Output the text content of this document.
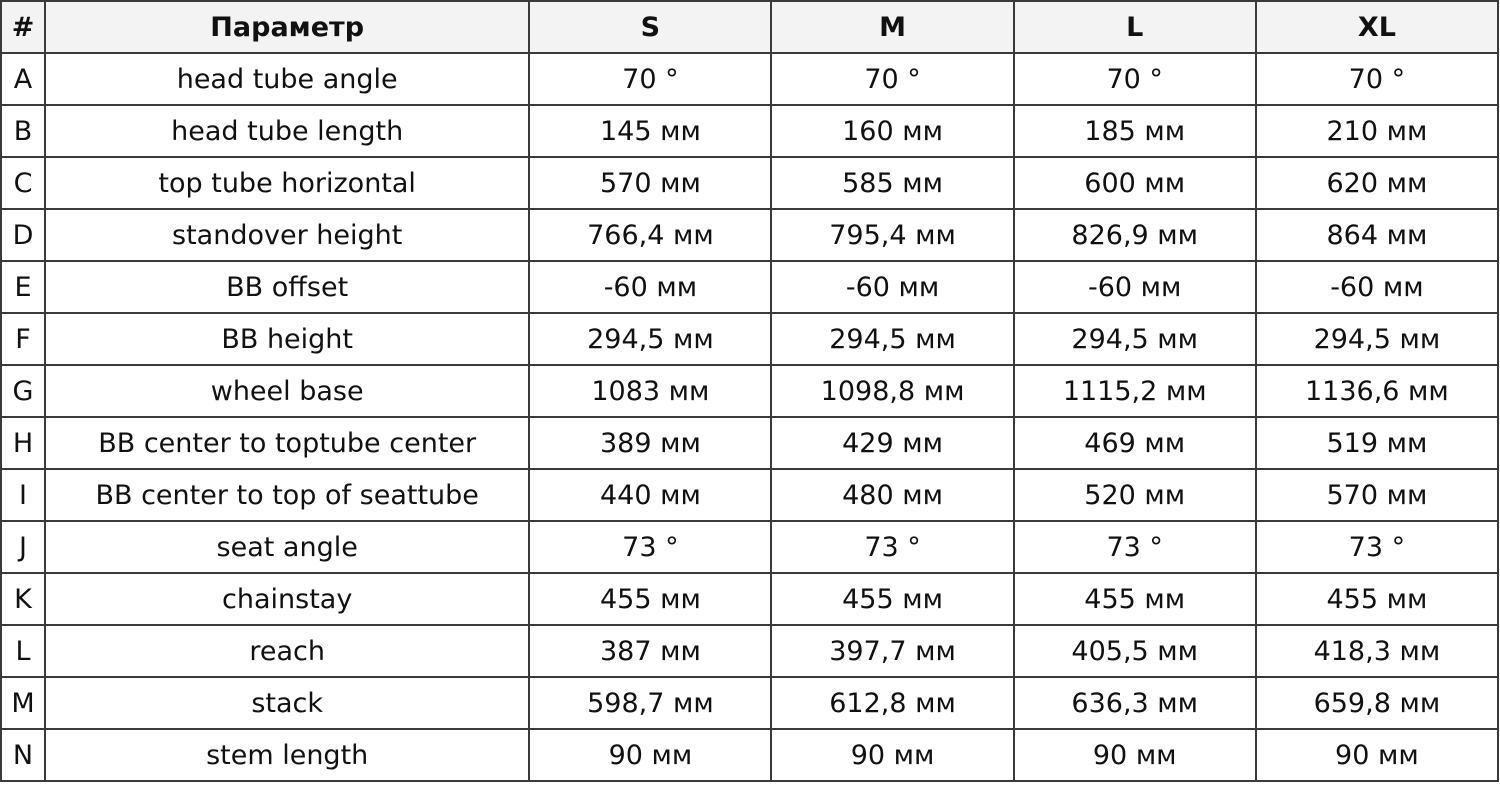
#	Параметр	S	M	L	XL
A	head tube angle	70 °	70 °	70 °	70 °
B	head tube length	145 мм	160 мм	185 мм	210 мм
C	top tube horizontal	570 мм	585 мм	600 мм	620 мм
D	standover height	766,4 мм	795,4 мм	826,9 мм	864 мм
E	BB offset	-60 мм	-60 мм	-60 мм	-60 мм
F	BB height	294,5 мм	294,5 мм	294,5 мм	294,5 мм
G	wheel base	1083 мм	1098,8 мм	1115,2 мм	1136,6 мм
H	BB center to toptube center	389 мм	429 мм	469 мм	519 мм
I	BB center to top of seattube	440 мм	480 мм	520 мм	570 мм
J	seat angle	73 °	73 °	73 °	73 °
K	chainstay	455 мм	455 мм	455 мм	455 мм
L	reach	387 мм	397,7 мм	405,5 мм	418,3 мм
M	stack	598,7 мм	612,8 мм	636,3 мм	659,8 мм
N	stem length	90 мм	90 мм	90 мм	90 мм
